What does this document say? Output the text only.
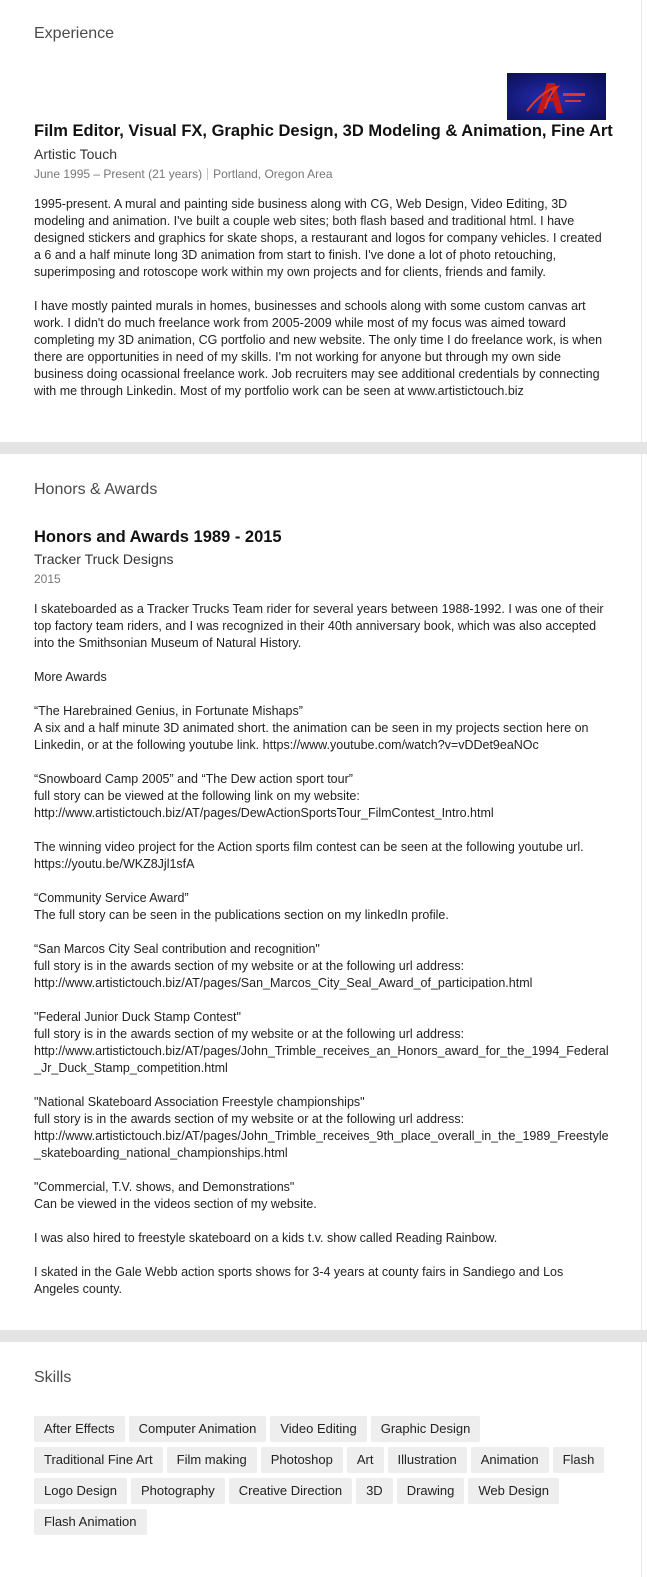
Experience
Film Editor, Visual FX, Graphic Design, 3D Modeling & Animation, Fine Art
Artistic Touch
June 1995 – Present (21 years) Portland, Oregon Area

1995-present. A mural and painting side business along with CG, Web Design, Video Editing, 3D modeling and animation. I've built a couple web sites; both flash based and traditional html. I have designed stickers and graphics for skate shops, a restaurant and logos for company vehicles. I created a 6 and a half minute long 3D animation from start to finish. I've done a lot of photo retouching, superimposing and rotoscope work within my own projects and for clients, friends and family.

I have mostly painted murals in homes, businesses and schools along with some custom canvas art work. I didn't do much freelance work from 2005-2009 while most of my focus was aimed toward completing my 3D animation, CG portfolio and new website. The only time I do freelance work, is when there are opportunities in need of my skills. I'm not working for anyone but through my own side business doing ocassional freelance work. Job recruiters may see additional credentials by connecting with me through Linkedin. Most of my portfolio work can be seen at www.artistictouch.biz

Honors & Awards
Honors and Awards 1989 - 2015
Tracker Truck Designs
2015

I skateboarded as a Tracker Trucks Team rider for several years between 1988-1992. I was one of their top factory team riders, and I was recognized in their 40th anniversary book, which was also accepted into the Smithsonian Museum of Natural History.

More Awards

“The Harebrained Genius, in Fortunate Mishaps”

A six and a half minute 3D animated short. the animation can be seen in my projects section here on Linkedin, or at the following youtube link. https://www.youtube.com/watch?v=vDDet9eaNOc

“Snowboard Camp 2005” and “The Dew action sport tour”

full story can be viewed at the following link on my website:

http://www.artistictouch.biz/AT/pages/DewActionSportsTour_FilmContest_Intro.html

The winning video project for the Action sports film contest can be seen at the following youtube url. https://youtu.be/WKZ8Jjl1sfA

“Community Service Award”

The full story can be seen in the publications section on my linkedIn profile.

“San Marcos City Seal contribution and recognition"

full story is in the awards section of my website or at the following url address:

http://www.artistictouch.biz/AT/pages/San_Marcos_City_Seal_Award_of_participation.html

"Federal Junior Duck Stamp Contest"

full story is in the awards section of my website or at the following url address:

http://www.artistictouch.biz/AT/pages/John_Trimble_receives_an_Honors_award_for_the_1994_Federal_Jr_Duck_Stamp_competition.html

"National Skateboard Association Freestyle championships"

full story is in the awards section of my website or at the following url address:

http://www.artistictouch.biz/AT/pages/John_Trimble_receives_9th_place_overall_in_the_1989_Freestyle_skateboarding_national_championships.html

"Commercial, T.V. shows, and Demonstrations"

Can be viewed in the videos section of my website.

I was also hired to freestyle skateboard on a kids t.v. show called Reading Rainbow.

I skated in the Gale Webb action sports shows for 3-4 years at county fairs in Sandiego and Los Angeles county.

Skills
After Effects Computer Animation Video Editing Graphic DesignTraditional Fine Art Film making Photoshop Art Illustration Animation FlashLogo Design Photography Creative Direction 3D Drawing Web DesignFlash Animation
